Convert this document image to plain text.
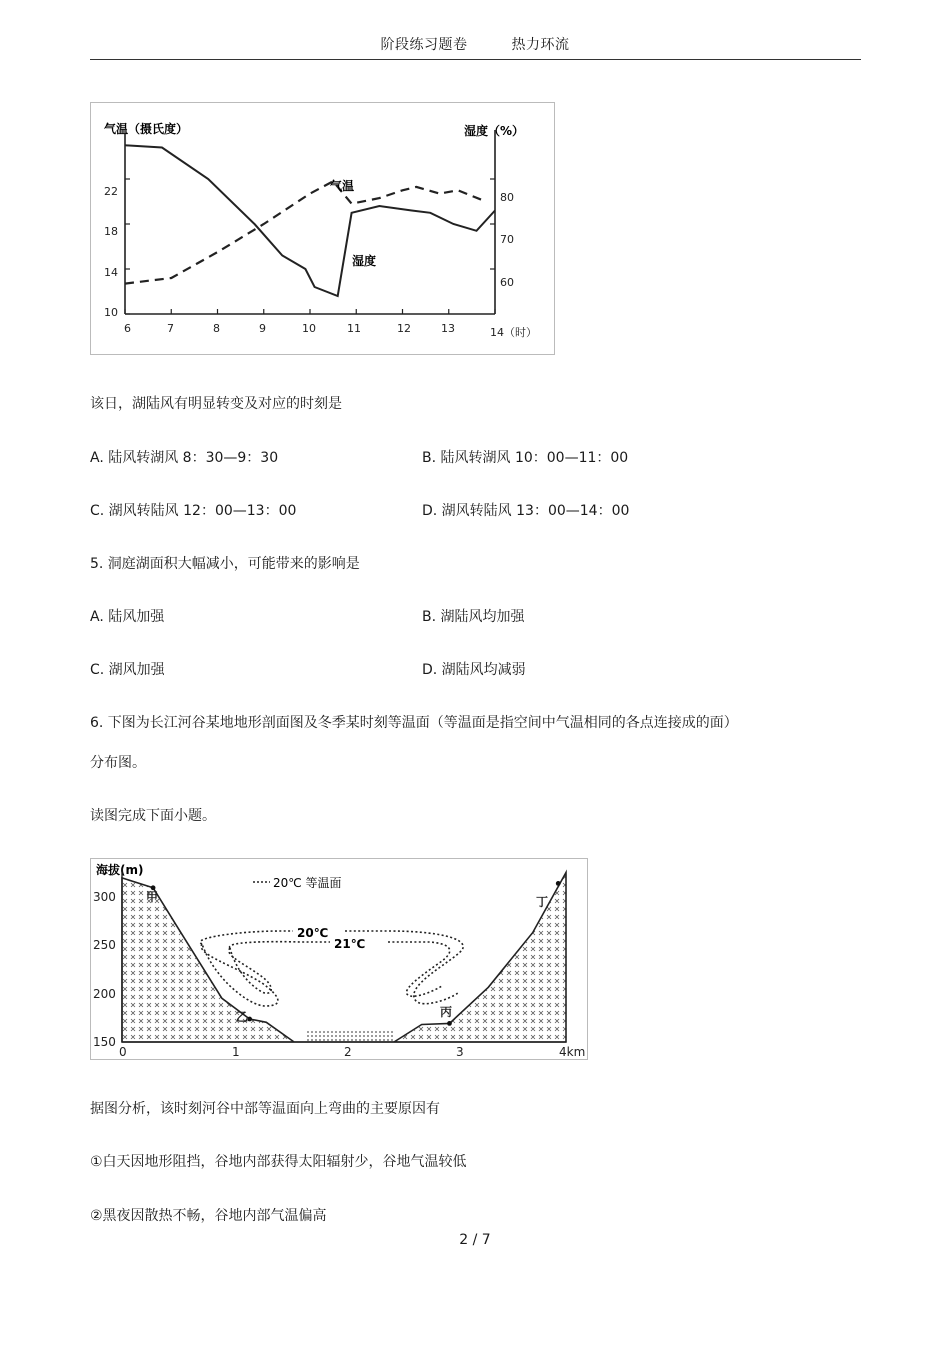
阶段练习题卷	热力环流
气温（摄氏度）	湿度（%）
22
18
14
10
80
70
60
6	7	8	9	10	11	12	13	14（时）
气温
湿度
该日，湖陆风有明显转变及对应的时刻是
A. 陆风转湖风 8：30—9：30	B. 陆风转湖风 10：00—11：00
C. 湖风转陆风 12：00—13：00	D. 湖风转陆风 13：00—14：00
5. 洞庭湖面积大幅减小，可能带来的影响是
A. 陆风加强	B. 湖陆风均加强
C. 湖风加强	D. 湖陆风均减弱
6. 下图为长江河谷某地地形剖面图及冬季某时刻等温面（等温面是指空间中气温相同的各点连接成的面）
分布图。
读图完成下面小题。
海拔(m)
20℃ 等温面
20℃
21℃
300
250
200
150
0	1	2	3	4km
甲
乙	丙
丁
据图分析，该时刻河谷中部等温面向上弯曲的主要原因有
①白天因地形阻挡，谷地内部获得太阳辐射少，谷地气温较低
②黑夜因散热不畅，谷地内部气温偏高
2 / 7
